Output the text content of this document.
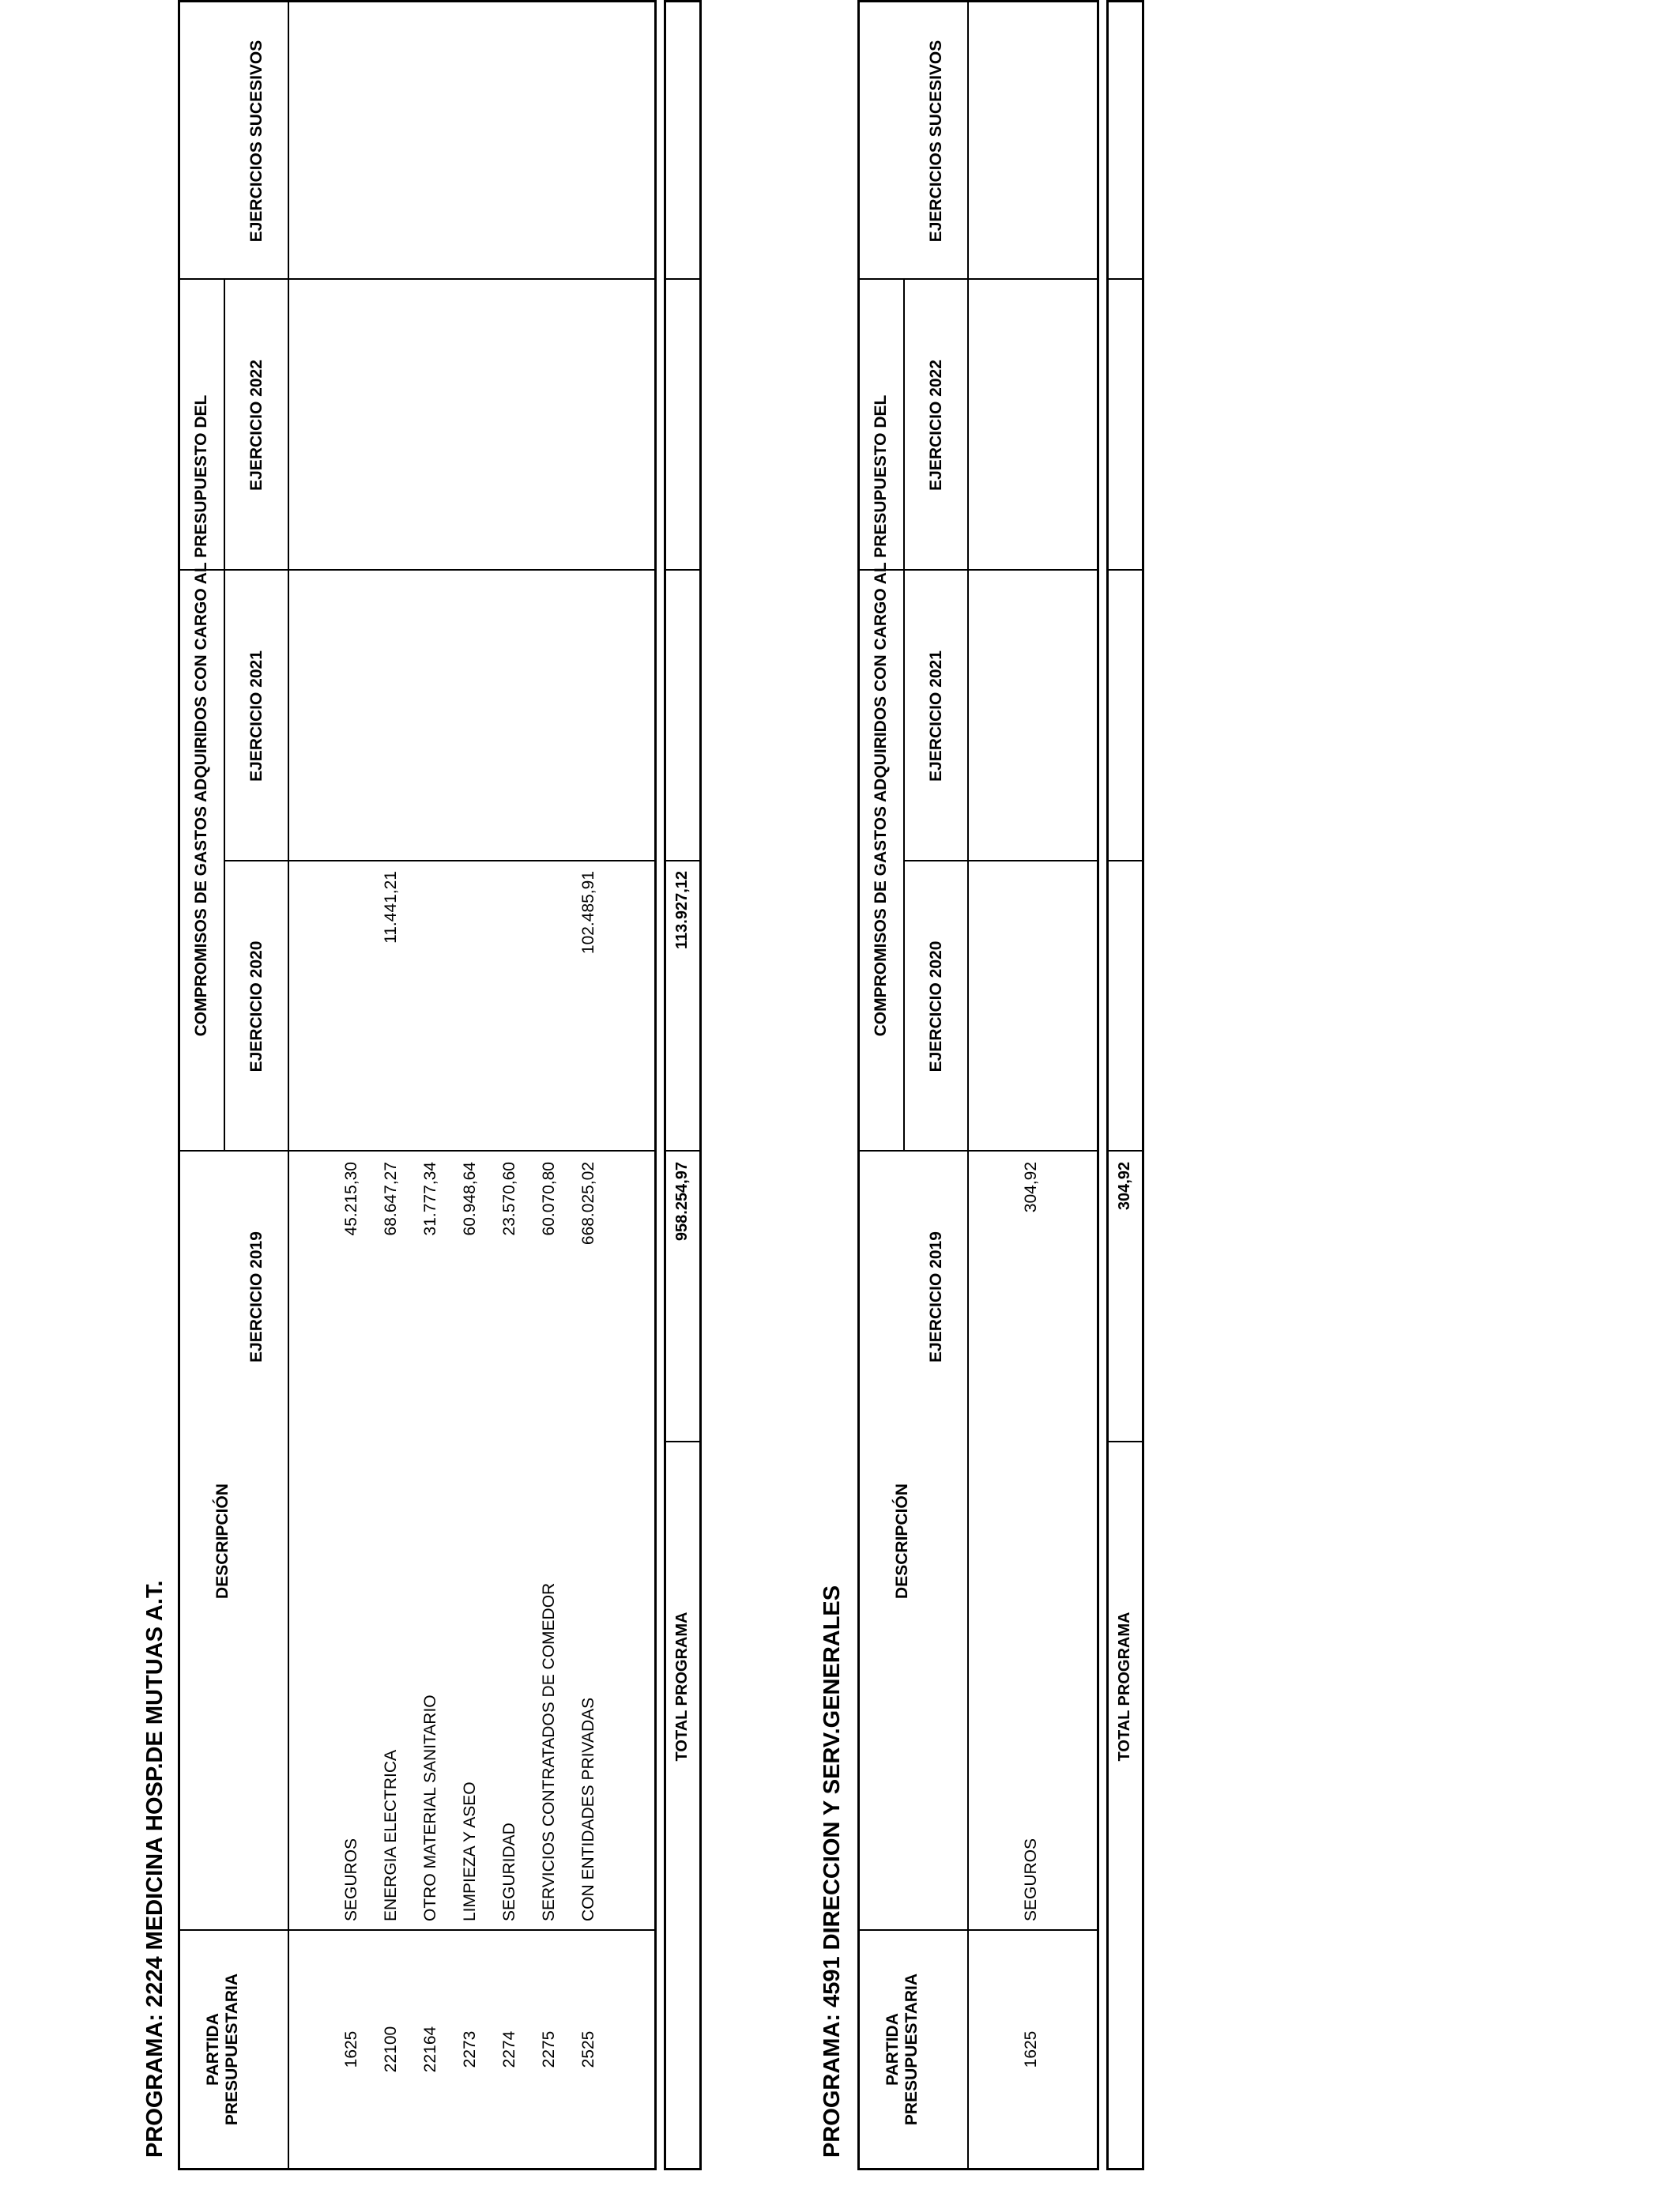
PROGRAMA: 2224 MEDICINA HOSP.DE MUTUAS A.T. PARTIDA PRESUPUESTARIA
DESCRIPCIÓN
COMPROMISOS DE GASTOS ADQUIRIDOS CON CARGO AL PRESUPUESTO DEL
EJERCICIO 2019
EJERCICIO 2020
EJERCICIO 2021
EJERCICIO 2022
EJERCICIOS SUCESIVOS
1625
SEGUROS
45.215,30
22100
ENERGIA ELECTRICA
68.647,27
11.441,21
22164
OTRO MATERIAL SANITARIO
31.777,34
2273
LIMPIEZA Y ASEO
60.948,64
2274
SEGURIDAD
23.570,60
2275
SERVICIOS CONTRATADOS DE COMEDOR
60.070,80
2525
CON ENTIDADES PRIVADAS
668.025,02
102.485,91
TOTAL PROGRAMA
958.254,97
113.927,12
PROGRAMA: 4591 DIRECCION Y SERV.GENERALES PARTIDA PRESUPUESTARIA
DESCRIPCIÓN
COMPROMISOS DE GASTOS ADQUIRIDOS CON CARGO AL PRESUPUESTO DEL
EJERCICIO 2019
EJERCICIO 2020
EJERCICIO 2021
EJERCICIO 2022
EJERCICIOS SUCESIVOS
1625
SEGUROS
304,92
TOTAL PROGRAMA
304,92
